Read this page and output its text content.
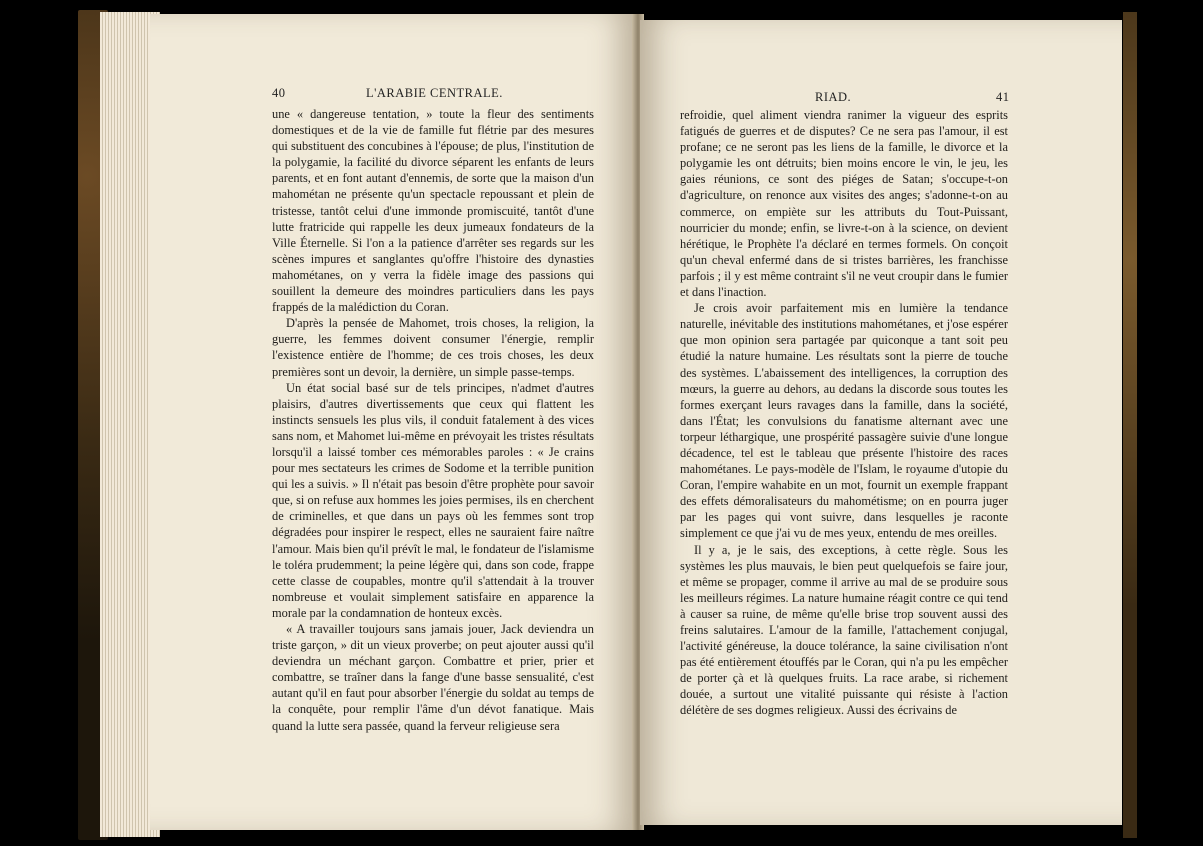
40	L'ARABIE CENTRALE.

une « dangereuse tentation, » toute la fleur des sentiments domestiques et de la vie de famille fut flétrie par des mesures qui substituent des concubines à l'épouse; de plus, l'institution de la polygamie, la facilité du divorce séparent les enfants de leurs parents, et en font autant d'ennemis, de sorte que la maison d'un mahométan ne présente qu'un spectacle repoussant et plein de tristesse, tantôt celui d'une immonde promiscuité, tantôt d'une lutte fratricide qui rappelle les deux jumeaux fondateurs de la Ville Éternelle. Si l'on a la patience d'arrêter ses regards sur les scènes impures et sanglantes qu'offre l'histoire des dynasties mahométanes, on y verra la fidèle image des passions qui souillent la demeure des moindres particuliers dans les pays frappés de la malédiction du Coran.

D'après la pensée de Mahomet, trois choses, la religion, la guerre, les femmes doivent consumer l'énergie, remplir l'existence entière de l'homme; de ces trois choses, les deux premières sont un devoir, la dernière, un simple passe-temps.

Un état social basé sur de tels principes, n'admet d'autres plaisirs, d'autres divertissements que ceux qui flattent les instincts sensuels les plus vils, il conduit fatalement à des vices sans nom, et Mahomet lui-même en prévoyait les tristes résultats lorsqu'il a laissé tomber ces mémorables paroles : « Je crains pour mes sectateurs les crimes de Sodome et la terrible punition qui les a suivis. » Il n'était pas besoin d'être prophète pour savoir que, si on refuse aux hommes les joies permises, ils en cherchent de criminelles, et que dans un pays où les femmes sont trop dégradées pour inspirer le respect, elles ne sauraient faire naître l'amour. Mais bien qu'il prévît le mal, le fondateur de l'islamisme le toléra prudemment; la peine légère qui, dans son code, frappe cette classe de coupables, montre qu'il s'attendait à la trouver nombreuse et voulait simplement satisfaire en apparence la morale par la condamnation de honteux excès.

« A travailler toujours sans jamais jouer, Jack deviendra un triste garçon, » dit un vieux proverbe; on peut ajouter aussi qu'il deviendra un méchant garçon. Combattre et prier, prier et combattre, se traîner dans la fange d'une basse sensualité, c'est autant qu'il en faut pour absorber l'énergie du soldat au temps de la conquête, pour remplir l'âme d'un dévot fanatique. Mais quand la lutte sera passée, quand la ferveur religieuse sera

RIAD.	41

refroidie, quel aliment viendra ranimer la vigueur des esprits fatigués de guerres et de disputes? Ce ne sera pas l'amour, il est profane; ce ne seront pas les liens de la famille, le divorce et la polygamie les ont détruits; bien moins encore le vin, le jeu, les gaies réunions, ce sont des piéges de Satan; s'occupe-t-on d'agriculture, on renonce aux visites des anges; s'adonne-t-on au commerce, on empiète sur les attributs du Tout-Puissant, nourricier du monde; enfin, se livre-t-on à la science, on devient hérétique, le Prophète l'a déclaré en termes formels. On conçoit qu'un cheval enfermé dans de si tristes barrières, les franchisse parfois ; il y est même contraint s'il ne veut croupir dans le fumier et dans l'inaction.

Je crois avoir parfaitement mis en lumière la tendance naturelle, inévitable des institutions mahométanes, et j'ose espérer que mon opinion sera partagée par quiconque a tant soit peu étudié la nature humaine. Les résultats sont la pierre de touche des systèmes. L'abaissement des intelligences, la corruption des mœurs, la guerre au dehors, au dedans la discorde sous toutes les formes exerçant leurs ravages dans la famille, dans la société, dans l'État; les convulsions du fanatisme alternant avec une torpeur léthargique, une prospérité passagère suivie d'une longue décadence, tel est le tableau que présente l'histoire des races mahométanes. Le pays-modèle de l'Islam, le royaume d'utopie du Coran, l'empire wahabite en un mot, fournit un exemple frappant des effets démoralisateurs du mahométisme; on en pourra juger par les pages qui vont suivre, dans lesquelles je raconte simplement ce que j'ai vu de mes yeux, entendu de mes oreilles.

Il y a, je le sais, des exceptions, à cette règle. Sous les systèmes les plus mauvais, le bien peut quelquefois se faire jour, et même se propager, comme il arrive au mal de se produire sous les meilleurs régimes. La nature humaine réagit contre ce qui tend à causer sa ruine, de même qu'elle brise trop souvent aussi des freins salutaires. L'amour de la famille, l'attachement conjugal, l'activité généreuse, la douce tolérance, la saine civilisation n'ont pas été entièrement étouffés par le Coran, qui n'a pu les empêcher de porter çà et là quelques fruits. La race arabe, si richement douée, a surtout une vitalité puissante qui résiste à l'action délétère de ses dogmes religieux. Aussi des écrivains de
